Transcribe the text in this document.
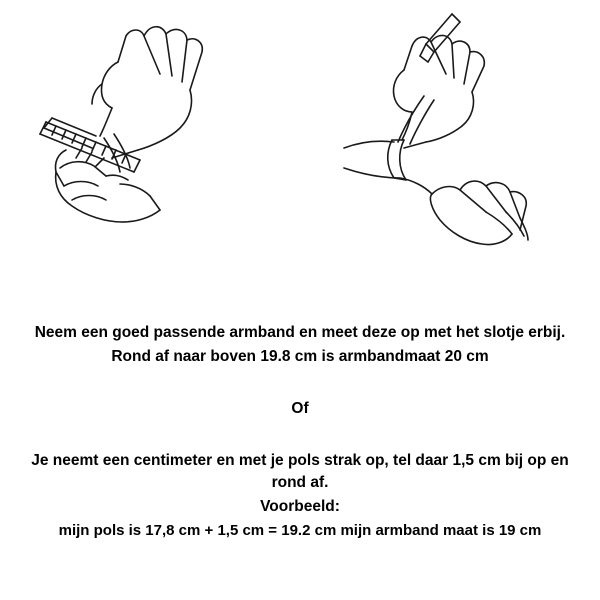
Neem een goed passende armband en meet deze op met het slotje erbij.

Rond af naar boven 19.8 cm is armbandmaat 20 cm

Of

Je neemt een centimeter en met je pols strak op, tel daar 1,5 cm bij op en rond af.

Voorbeeld:

mijn pols is 17,8 cm + 1,5 cm = 19.2 cm mijn armband maat is 19 cm
